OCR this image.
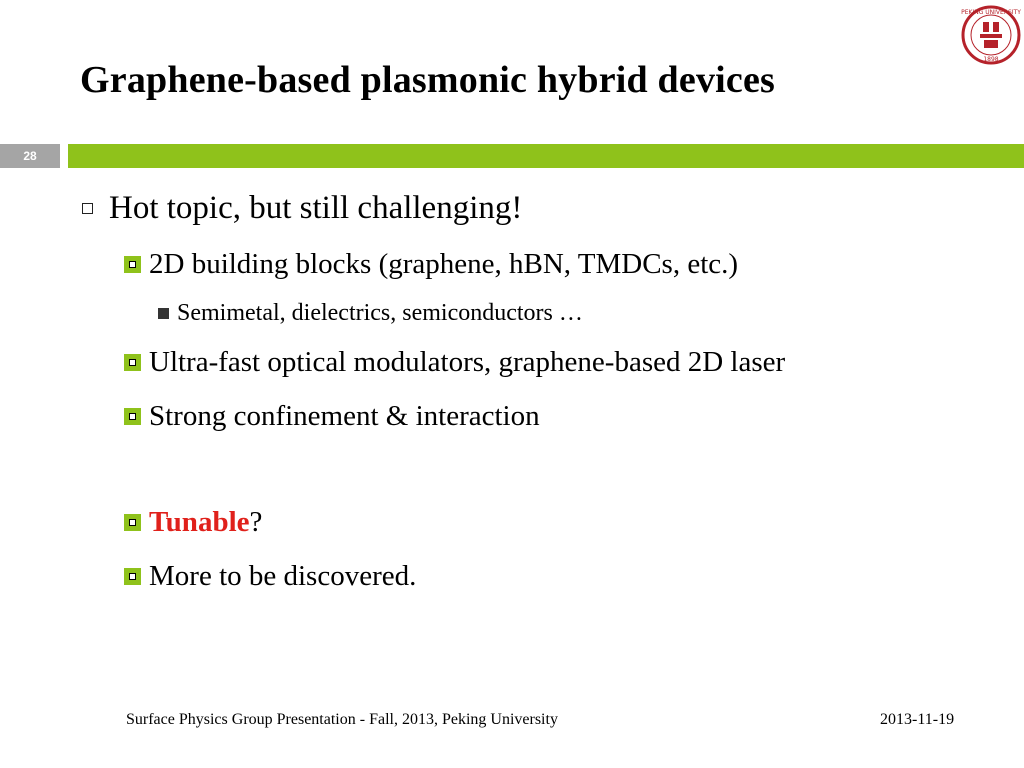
Graphene-based plasmonic hybrid devices
PEKING UNIVERSITY
1898
28
Hot topic, but still challenging!
2D building blocks (graphene, hBN, TMDCs, etc.)
Semimetal, dielectrics, semiconductors …
Ultra-fast optical modulators, graphene-based 2D laser
Strong confinement & interaction
Tunable ?
More to be discovered.
Surface Physics Group Presentation - Fall, 2013, Peking University	2013-11-19
